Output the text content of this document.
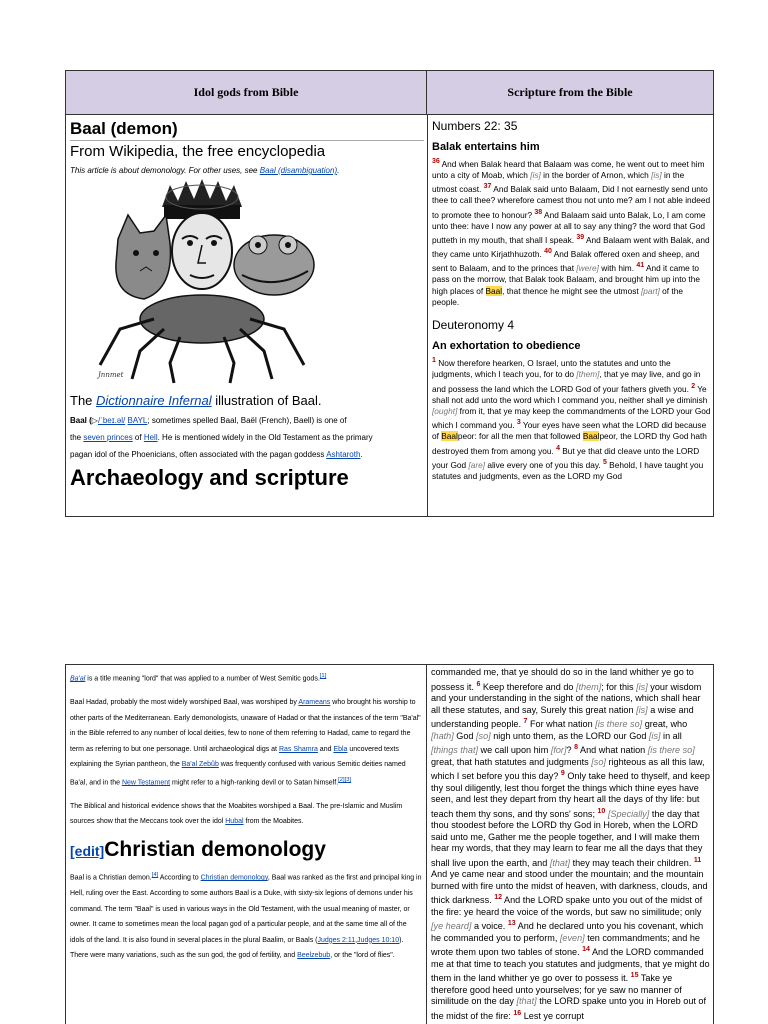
Idol gods from Bible	Scripture from the Bible
Baal (demon)
From Wikipedia, the free encyclopedia

This article is about demonology. For other uses, see Baal (disambiguation).

Jnnmet
The Dictionnaire Infernal illustration of Baal.

Baal (▷/ˈbeɪ.əl/ BAYL; sometimes spelled Baal, Baël (French), Baell) is one of
the seven princes of Hell. He is mentioned widely in the Old Testament as the primary
pagan idol of the Phoenicians, often associated with the pagan goddess Ashtaroth.

Archaeology and scripture
Numbers 22: 35
Balak entertains him

$^{36}$ And when Balak heard that Balaam was come, he went out to meet him unto a city of Moab, which [is] in the border of Arnon, which [is] in the utmost coast. $^{37}$ And Balak said unto Balaam, Did I not earnestly send unto thee to call thee? wherefore camest thou not unto me? am I not able indeed to promote thee to honour? $^{38}$ And Balaam said unto Balak, Lo, I am come unto thee: have I now any power at all to say any thing? the word that God putteth in my mouth, that shall I speak. $^{39}$ And Balaam went with Balak, and they came unto Kirjathhuzoth. $^{40}$ And Balak offered oxen and sheep, and sent to Balaam, and to the princes that [were] with him. $^{41}$ And it came to pass on the morrow, that Balak took Balaam, and brought him up into the high places of Baal, that thence he might see the utmost [part] of the people.

Deuteronomy 4
An exhortation to obedience

$^1$ Now therefore hearken, O Israel, unto the statutes and unto the judgments, which I teach you, for to do [them], that ye may live, and go in and possess the land which the LORD God of your fathers giveth you. $^2$ Ye shall not add unto the word which I command you, neither shall ye diminish [ought] from it, that ye may keep the commandments of the LORD your God which I command you. $^3$ Your eyes have seen what the LORD did because of Baalpeor: for all the men that followed Baalpeor, the LORD thy God hath destroyed them from among you. $^4$ But ye that did cleave unto the LORD your God [are] alive every one of you this day. $^5$ Behold, I have taught you statutes and judgments, even as the LORD my God

Ba'al is a title meaning "lord" that was applied to a number of West Semitic gods.[1]

Baal Hadad, probably the most widely worshiped Baal, was worshiped by Arameans who brought his worship to other parts of the Mediterranean. Early demonologists, unaware of Hadad or that the instances of the term "Ba'al" in the Bible referred to any number of local deities, few to none of them referring to Hadad, came to regard the term as referring to but one personage. Until archaeological digs at Ras Shamra and Ebla uncovered texts explaining the Syrian pantheon, the Ba'al Zebûb was frequently confused with various Semitic deities named Ba'al, and in the New Testament might refer to a high-ranking devil or to Satan himself.[2][3]

The Biblical and historical evidence shows that the Moabites worshiped a Baal. The pre-Islamic and Muslim sources show that the Meccans took over the idol Hubal from the Moabites.

[edit]Christian demonology

Baal is a Christian demon.[4] According to Christian demonology, Baal was ranked as the first and principal king in Hell, ruling over the East. According to some authors Baal is a Duke, with sixty-six legions of demons under his command. The term "Baal" is used in various ways in the Old Testament, with the usual meaning of master, or owner. It came to sometimes mean the local pagan god of a particular people, and at the same time all of the idols of the land. It is also found in several places in the plural Baalim, or Baals (Judges 2:11,Judges 10:10). There were many variations, such as the sun god, the god of fertility, and Beelzebub, or the "lord of flies".

commanded me, that ye should do so in the land whither ye go to possess it. $^6$ Keep therefore and do [them]; for this [is] your wisdom and your understanding in the sight of the nations, which shall hear all these statutes, and say, Surely this great nation [is] a wise and understanding people. $^7$ For what nation [is there so] great, who [hath] God [so] nigh unto them, as the LORD our God [is] in all [things that] we call upon him [for]? $^8$ And what nation [is there so] great, that hath statutes and judgments [so] righteous as all this law, which I set before you this day? $^9$ Only take heed to thyself, and keep thy soul diligently, lest thou forget the things which thine eyes have seen, and lest they depart from thy heart all the days of thy life: but teach them thy sons, and thy sons' sons; $^{10}$ [Specially] the day that thou stoodest before the LORD thy God in Horeb, when the LORD said unto me, Gather me the people together, and I will make them hear my words, that they may learn to fear me all the days that they shall live upon the earth, and [that] they may teach their children. $^{11}$ And ye came near and stood under the mountain; and the mountain burned with fire unto the midst of heaven, with darkness, clouds, and thick darkness. $^{12}$ And the LORD spake unto you out of the midst of the fire: ye heard the voice of the words, but saw no similitude; only [ye heard] a voice. $^{13}$ And he declared unto you his covenant, which he commanded you to perform, [even] ten commandments; and he wrote them upon two tables of stone. $^{14}$ And the LORD commanded me at that time to teach you statutes and judgments, that ye might do them in the land whither ye go over to possess it. $^{15}$ Take ye therefore good heed unto yourselves; for ye saw no manner of similitude on the day [that] the LORD spake unto you in Horeb out of the midst of the fire: $^{16}$ Lest ye corrupt
